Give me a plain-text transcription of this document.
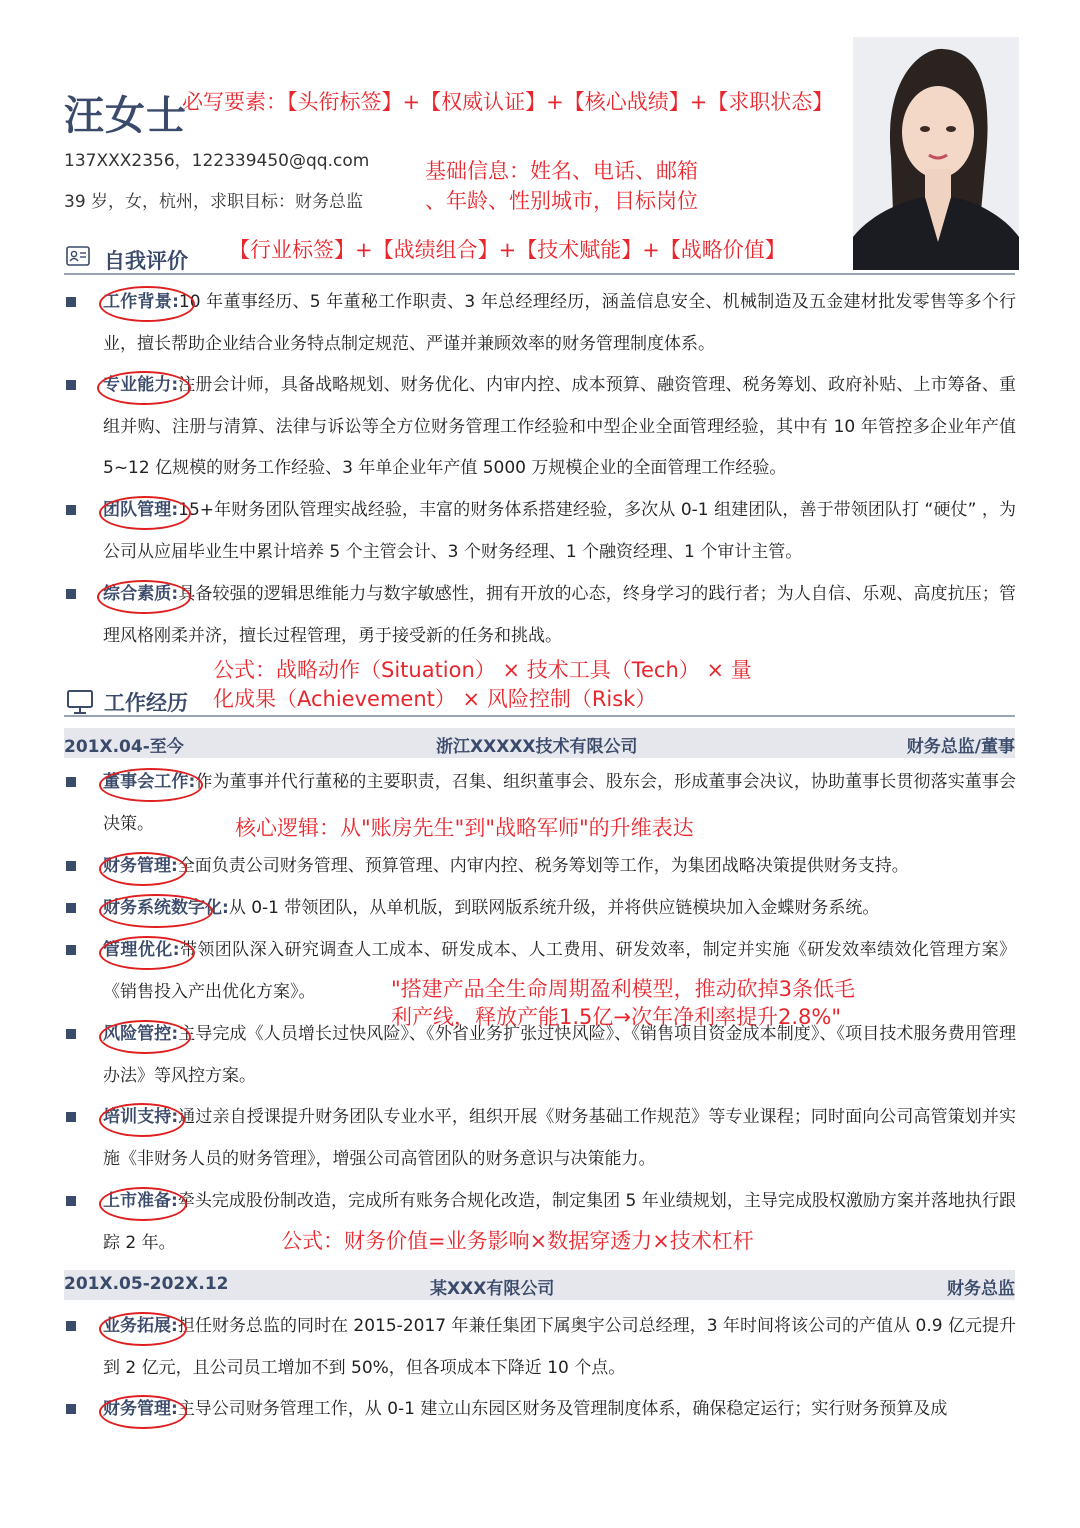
汪女士
必写要素：【头衔标签】+【权威认证】+【核心战绩】+【求职状态】
137XXX2356，122339450@qq.com
39 岁，女，杭州，求职目标：财务总监
基础信息：姓名、电话、邮箱
、年龄、性别城市，目标岗位
自我评价 【行业标签】+【战绩组合】+【技术赋能】+【战略价值】
工作背景:10 年董事经历、5 年董秘工作职责、3 年总经理经历，涵盖信息安全、机械制造及五金建材批发零售等多个行业，擅长帮助企业结合业务特点制定规范、严谨并兼顾效率的财务管理制度体系。
专业能力:注册会计师，具备战略规划、财务优化、内审内控、成本预算、融资管理、税务筹划、政府补贴、上市筹备、重组并购、注册与清算、法律与诉讼等全方位财务管理工作经验和中型企业全面管理经验，其中有 10 年管控多企业年产值 5~12 亿规模的财务工作经验、3 年单企业年产值 5000 万规模企业的全面管理工作经验。
团队管理:15+年财务团队管理实战经验，丰富的财务体系搭建经验，多次从 0-1 组建团队，善于带领团队打 “硬仗” ，为公司从应届毕业生中累计培养 5 个主管会计、3 个财务经理、1 个融资经理、1 个审计主管。
综合素质:具备较强的逻辑思维能力与数字敏感性，拥有开放的心态，终身学习的践行者；为人自信、乐观、高度抗压；管理风格刚柔并济，擅长过程管理，勇于接受新的任务和挑战。
公式：战略动作（Situation） × 技术工具（Tech） × 量
化成果（Achievement） × 风险控制（Risk）
工作经历
201X.04-至今	浙江XXXXX技术有限公司	财务总监/董事
董事会工作:作为董事并代行董秘的主要职责，召集、组织董事会、股东会，形成董事会决议，协助董事长贯彻落实董事会决策。	核心逻辑：从"账房先生"到"战略军师"的升维表达
财务管理:全面负责公司财务管理、预算管理、内审内控、税务筹划等工作，为集团战略决策提供财务支持。
财务系统数字化:从 0-1 带领团队，从单机版，到联网版系统升级，并将供应链模块加入金蝶财务系统。
管理优化:带领团队深入研究调查人工成本、研发成本、人工费用、研发效率，制定并实施《研发效率绩效化管理方案》《销售投入产出优化方案》。	"搭建产品全生命周期盈利模型，推动砍掉3条低毛
利产线，释放产能1.5亿→次年净利率提升2.8%"
风险管控:主导完成《人员增长过快风险》、《外省业务扩张过快风险》、《销售项目资金成本制度》、《项目技术服务费用管理办法》等风控方案。
培训支持:通过亲自授课提升财务团队专业水平，组织开展《财务基础工作规范》等专业课程；同时面向公司高管策划并实施《非财务人员的财务管理》，增强公司高管团队的财务意识与决策能力。
上市准备:牵头完成股份制改造，完成所有账务合规化改造，制定集团 5 年业绩规划，主导完成股权激励方案并落地执行跟踪 2 年。	公式：财务价值=业务影响×数据穿透力×技术杠杆
201X.05-202X.12	某XXX有限公司	财务总监
业务拓展:担任财务总监的同时在 2015-2017 年兼任集团下属奥宇公司总经理，3 年时间将该公司的产值从 0.9 亿元提升到 2 亿元，且公司员工增加不到 50%，但各项成本下降近 10 个点。
财务管理:主导公司财务管理工作，从 0-1 建立山东园区财务及管理制度体系，确保稳定运行；实行财务预算及成
